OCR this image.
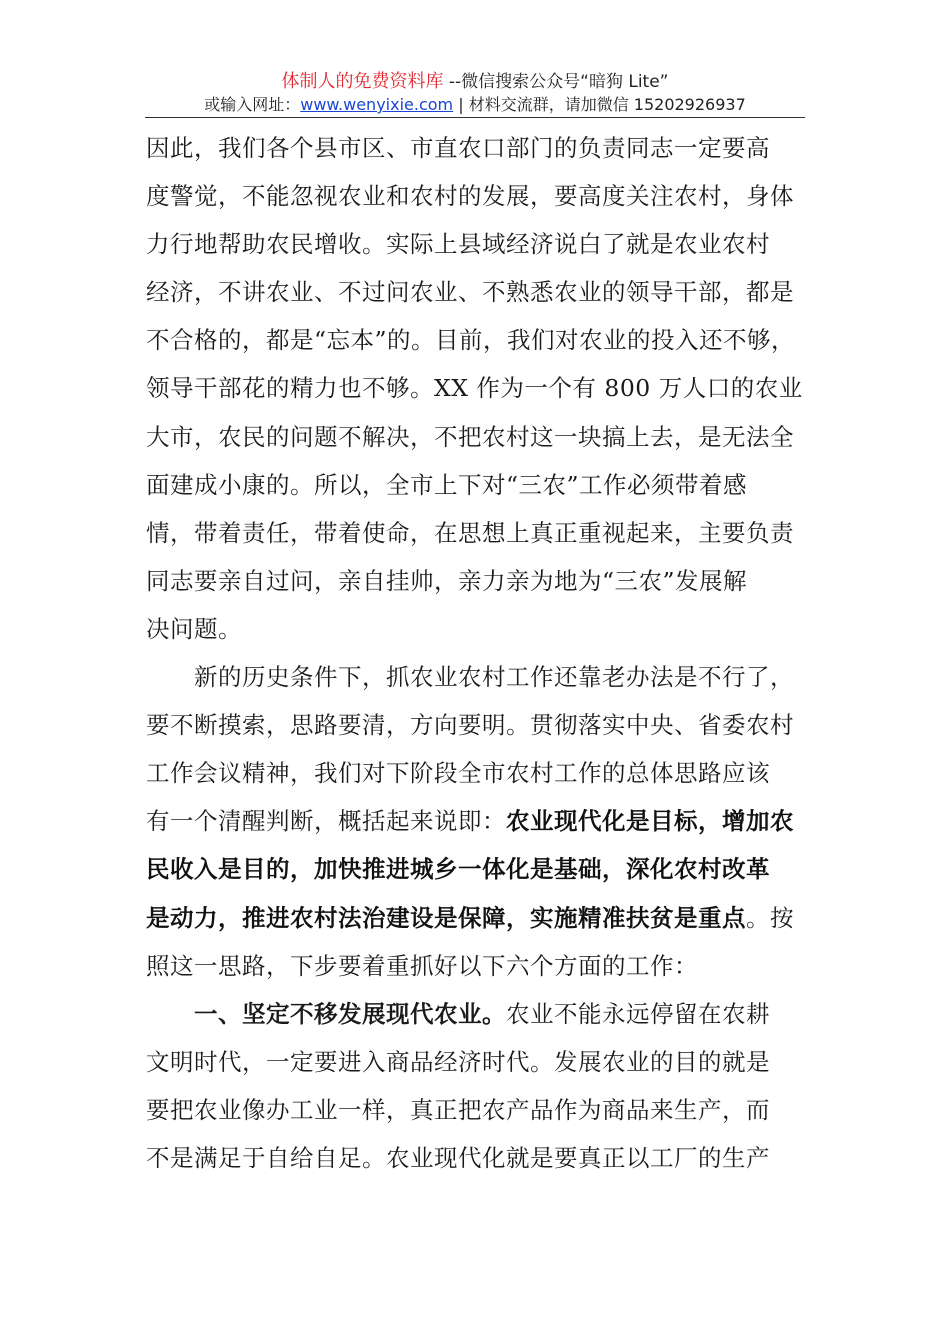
体制人的免费资料库 --微信搜索公众号“暗狗 Lite”
或输入网址：www.wenyixie.com | 材料交流群，请加微信 15202926937

因此，我们各个县市区、市直农口部门的负责同志一定要高
度警觉，不能忽视农业和农村的发展，要高度关注农村，身体
力行地帮助农民增收。实际上县域经济说白了就是农业农村
经济，不讲农业、不过问农业、不熟悉农业的领导干部，都是
不合格的，都是“忘本”的。目前，我们对农业的投入还不够，
领导干部花的精力也不够。XX 作为一个有 800 万人口的农业
大市，农民的问题不解决，不把农村这一块搞上去，是无法全
面建成小康的。所以，全市上下对“三农”工作必须带着感
情，带着责任，带着使命，在思想上真正重视起来，主要负责
同志要亲自过问，亲自挂帅，亲力亲为地为“三农”发展解
决问题。

新的历史条件下，抓农业农村工作还靠老办法是不行了，
要不断摸索，思路要清，方向要明。贯彻落实中央、省委农村
工作会议精神，我们对下阶段全市农村工作的总体思路应该
有一个清醒判断，概括起来说即：农业现代化是目标，增加农
民收入是目的，加快推进城乡一体化是基础，深化农村改革
是动力，推进农村法治建设是保障，实施精准扶贫是重点。按
照这一思路，下步要着重抓好以下六个方面的工作：

一、坚定不移发展现代农业。农业不能永远停留在农耕
文明时代，一定要进入商品经济时代。发展农业的目的就是
要把农业像办工业一样，真正把农产品作为商品来生产，而
不是满足于自给自足。农业现代化就是要真正以工厂的生产
